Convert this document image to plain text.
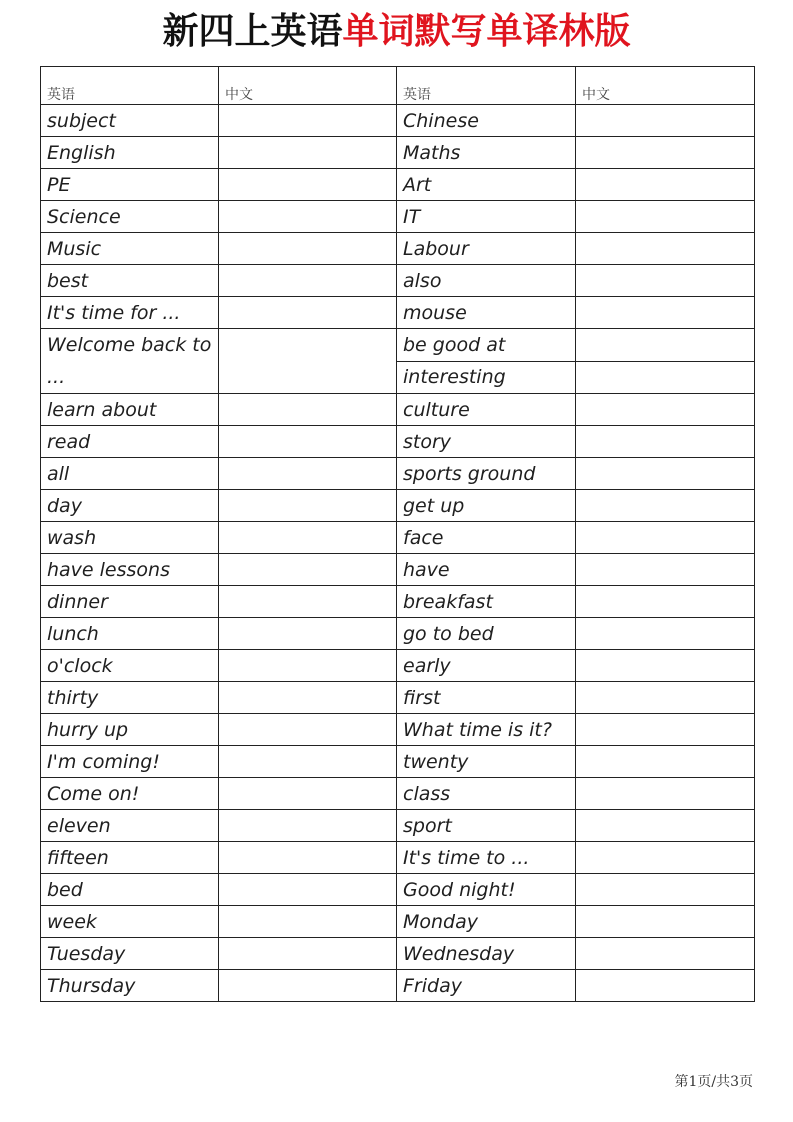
新四上英语单词默写单译林版
英语	中文	英语	中文
subject		Chinese	
English		Maths	
PE		Art	
Science		IT	
Music		Labour	
best		also	
It's time for ...		mouse	
Welcome back to ...		be good at	
		interesting	
learn about		culture	
read		story	
all		sports ground	
day		get up	
wash		face	
have lessons		have	
dinner		breakfast	
lunch		go to bed	
o'clock		early	
thirty		first	
hurry up		What time is it?	
I'm coming!		twenty	
Come on!		class	
eleven		sport	
fifteen		It's time to ...	
bed		Good night!	
week		Monday	
Tuesday		Wednesday	
Thursday		Friday	
第1页/共3页
